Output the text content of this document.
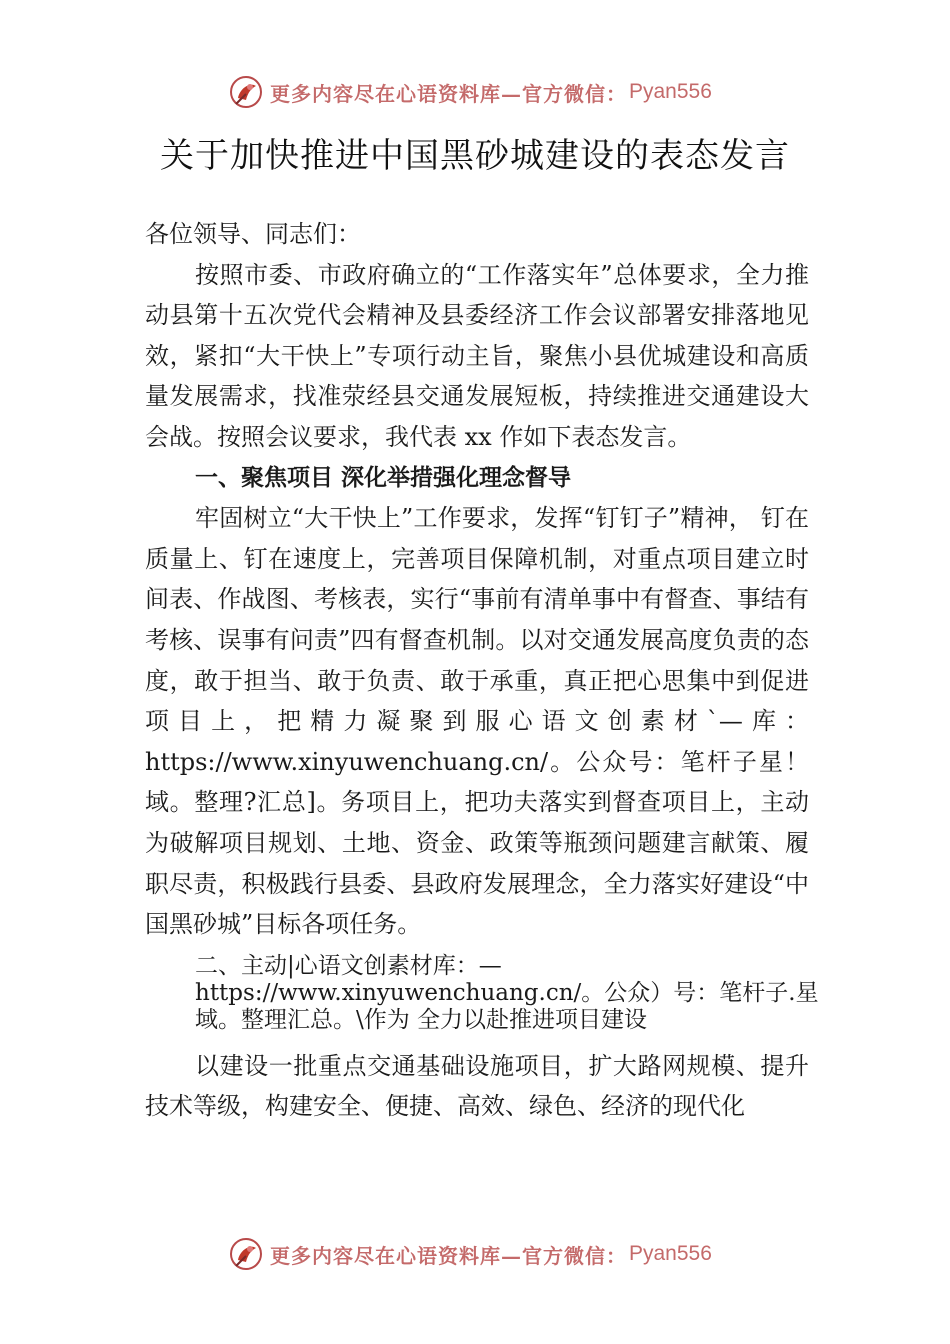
更多内容尽在心语资料库—官方微信： Pyan556
关于加快推进中国黑砂城建设的表态发言

各位领导、同志们：

按照市委、市政府确立的“工作落实年”总体要求，全力推动县第十五次党代会精神及县委经济工作会议部署安排落地见效，紧扣“大干快上”专项行动主旨，聚焦小县优城建设和高质量发展需求，找准荥经县交通发展短板，持续推进交通建设大会战。按照会议要求，我代表 xx 作如下表态发言。

一、聚焦项目 深化举措强化理念督导

牢固树立“大干快上”工作要求，发挥“钉钉子”精神， 钉在质量上、钉在速度上，完善项目保障机制，对重点项目建立时间表、作战图、考核表，实行“事前有清单事中有督查、事结有考核、误事有问责”四有督查机制。以对交通发展高度负责的态度，敢于担当、敢于负责、敢于承重，真正把心思集中到促进项目上，把精力凝聚到服心语文创素材`—库：https://www.xinyuwenchuang.cn/。公众号：笔杆子星！域。整理?汇总]。务项目上，把功夫落实到督查项目上，主动为破解项目规划、土地、资金、政策等瓶颈问题建言献策、履职尽责，积极践行县委、县政府发展理念，全力落实好建设“中国黑砂城”目标各项任务。

二、主动|心语文创素材库：—https://www.xinyuwenchuang.cn/。公众）号：笔杆子.星域。整理汇总。\作为 全力以赴推进项目建设

以建设一批重点交通基础设施项目，扩大路网规模、提升技术等级，构建安全、便捷、高效、绿色、经济的现代化

更多内容尽在心语资料库—官方微信： Pyan556
